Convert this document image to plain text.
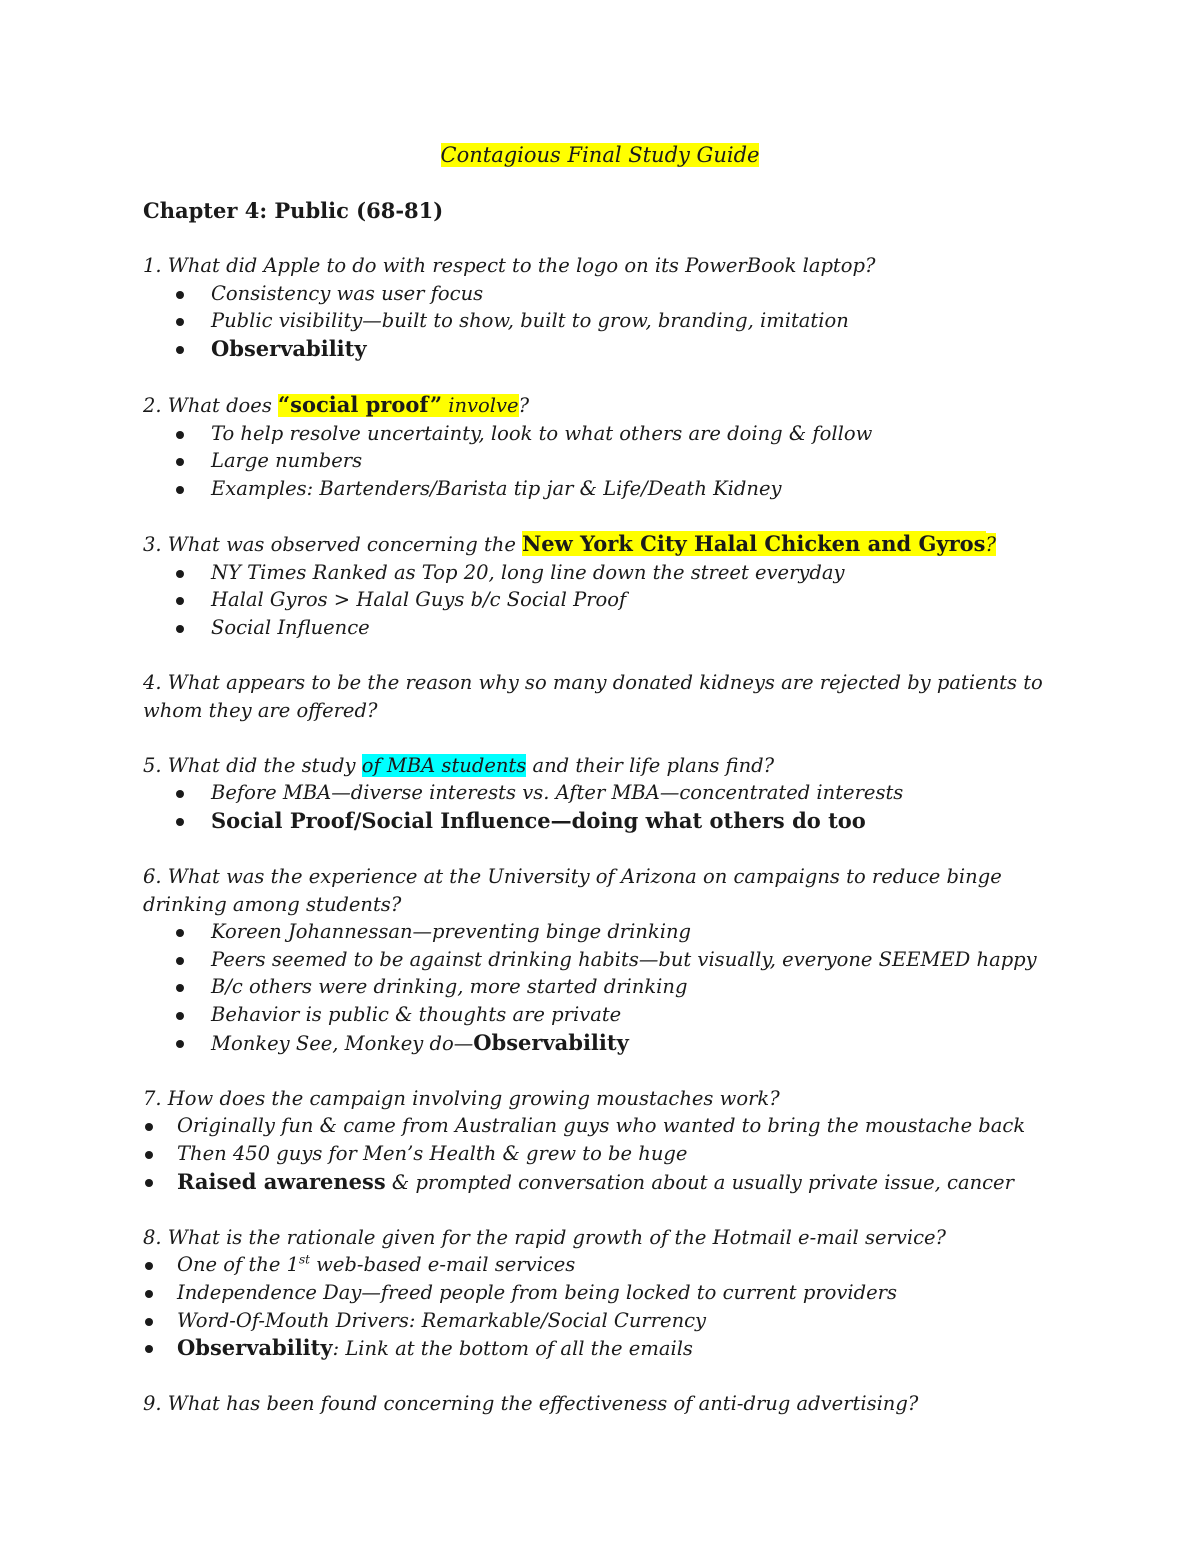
Contagious Final Study Guide
Chapter 4: Public (68-81)

1. What did Apple to do with respect to the logo on its PowerBook laptop?

Consistency was user focus
Public visibility—built to show, built to grow, branding, imitation
Observability

2. What does “social proof” involve?

To help resolve uncertainty, look to what others are doing & follow
Large numbers
Examples: Bartenders/Barista tip jar & Life/Death Kidney

3. What was observed concerning the New York City Halal Chicken and Gyros?

NY Times Ranked as Top 20, long line down the street everyday
Halal Gyros > Halal Guys b/c Social Proof
Social Influence

4. What appears to be the reason why so many donated kidneys are rejected by patients to whom they are offered?

5. What did the study of MBA students and their life plans find?

Before MBA—diverse interests vs. After MBA—concentrated interests
Social Proof/Social Influence—doing what others do too

6. What was the experience at the University of Arizona on campaigns to reduce binge drinking among students?

Koreen Johannessan—preventing binge drinking
Peers seemed to be against drinking habits—but visually, everyone SEEMED happy
B/c others were drinking, more started drinking
Behavior is public & thoughts are private
Monkey See, Monkey do—Observability

7. How does the campaign involving growing moustaches work?

Originally fun & came from Australian guys who wanted to bring the moustache back
Then 450 guys for Men’s Health & grew to be huge
Raised awareness & prompted conversation about a usually private issue, cancer

8. What is the rationale given for the rapid growth of the Hotmail e-mail service?

One of the 1st web-based e-mail services
Independence Day—freed people from being locked to current providers
Word-Of-Mouth Drivers: Remarkable/Social Currency
Observability: Link at the bottom of all the emails

9. What has been found concerning the effectiveness of anti-drug advertising?
